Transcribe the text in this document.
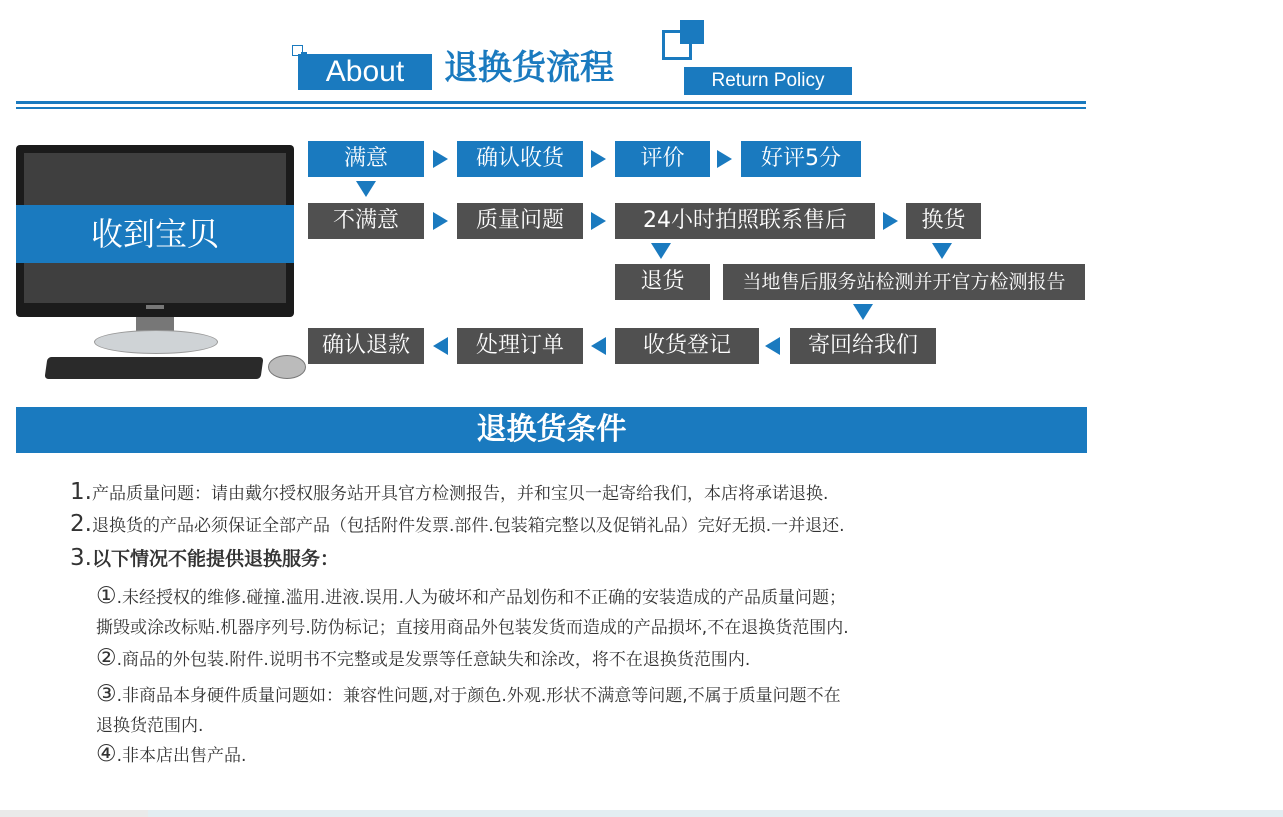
About	退换货流程	Return Policy
收到宝贝
满意	确认收货	评价	好评5分
不满意	质量问题	24小时拍照联系售后	换货
退货	当地售后服务站检测并开官方检测报告
确认退款	处理订单	收货登记	寄回给我们
退换货条件
1.产品质量问题：请由戴尔授权服务站开具官方检测报告，并和宝贝一起寄给我们，本店将承诺退换.
2.退换货的产品必须保证全部产品（包括附件发票.部件.包装箱完整以及促销礼品）完好无损.一并退还.
3.以下情况不能提供退换服务：
①.未经授权的维修.碰撞.滥用.进液.误用.人为破坏和产品划伤和不正确的安装造成的产品质量问题；
撕毁或涂改标贴.机器序列号.防伪标记；直接用商品外包装发货而造成的产品损坏,不在退换货范围内.
②.商品的外包装.附件.说明书不完整或是发票等任意缺失和涂改，将不在退换货范围内.
③.非商品本身硬件质量问题如：兼容性问题,对于颜色.外观.形状不满意等问题,不属于质量问题不在
退换货范围内.
④.非本店出售产品.
